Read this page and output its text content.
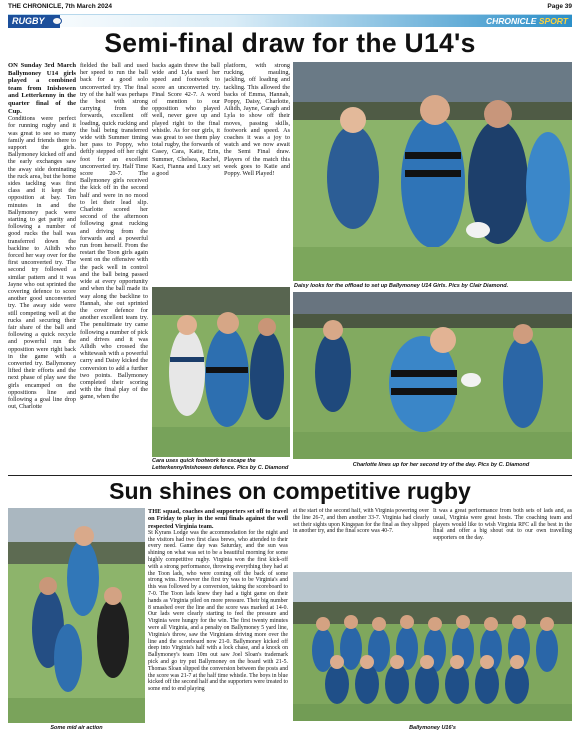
THE CHRONICLE, 7th March 2024	Page 39
RUGBY	CHRONICLE SPORT
Semi-final draw for the U14's

ON Sunday 3rd March Ballymoney U14 girls played a combined team from Inishowen and Letterkenny in the quarter final of the Cup.

Conditions were perfect for running rugby and it was great to see so many family and friends there to support the girls. Ballymoney kicked off and the early exchanges saw the away side dominating the ruck area, but the home sides tackling was first class and it kept the opposition at bay. Ten minutes in and the Ballymoney pack were starting to get parity and following a number of good rucks the ball was transferred down the backline to Ailidh who forced her way over for the first unconverted try. The second try followed a similar pattern and it was Jayne who out sprinted the covering defence to score another good unconverted try. The away side were still competing well at the rucks and securing their fair share of the ball and following a quick recycle and powerful run the opposition were right back in the game with a converted try. Ballymoney lifted their efforts and the next phase of play saw the girls encamped on the oppositions line and following a goal line drop out, Charlotte

fielded the ball and used her speed to run the ball back for a good solo unconverted try. The final try of the half was perhaps the best with strong carrying from the forwards, excellent off loading, quick rucking and the ball being transferred wide with Summer timing her pass to Poppy, who deftly stepped off her right foot for an excellent unconverted try. Half Time score 20-7. The Ballymoney girls received the kick off in the second half and were in no mood to let their lead slip. Charlotte scored her second of the afternoon following great rucking and driving from the forwards and a powerful run from herself. From the restart the Toon girls again went on the offensive with the pack well in control and the ball being passed wide at every opportunity and when the ball made its way along the backline to Hannah, she out sprinted the cover defence for another excellent team try. The penultimate try came following a number of pick and drives and it was Ailidh who crossed the whitewash with a powerful carry and Daisy kicked the conversion to add a further two points. Ballymoney completed their scoring with the final play of the game, when the

backs again threw the ball wide and Lyla used her speed and footwork to score an unconverted try. Final Score 42-7. A word of mention to our opposition who played well, never gave up and played right to the final whistle. As for our girls, it was great to see them play total rugby, the forwards of Casey, Cara, Katie, Erin, Summer, Chelsea, Rachel, Kaci, Fianna and Lucy set a good

platform, with strong rucking, mauling, jackling, off loading and tackling. This allowed the backs of Emma, Hannah, Poppy, Daisy, Charlotte, Ailidh, Jayne, Caragh and Lyla to show off their moves, passing skills, footwork and speed. As coaches it was a joy to watch and we now await the Semi Final draw. Players of the match this week goes to Katie and Poppy. Well Played!

Daisy looks for the offload to set up Ballymoney U14 Girls. Pics by Clair Diamond.
Cara uses quick footwork to escape the Letterkenny/Inishowen defence. Pics by C. Diamond	Charlotte lines up for her second try of the day. Pics by C. Diamond
Sun shines on competitive rugby
Some mid air action

THE squad, coaches and supporters set off to travel on Friday to play in the semi finals against the well respected Virginia team.

St Kyrans Lodge was the accommodation for the night and the visitors had two first class brews, who attended to their every need. Game day was Saturday, and the sun was shining on what was set to be a beautiful morning for some highly competitive rugby. Virginia won the first kick-off with a strong performance, throwing everything they had at the Toon lads, who were coming off the back of some strong wins. However the first try was to be Virginia's and this was followed by a conversion, taking the scoreboard to 7-0. The Toon lads knew they had a tight game on their hands as Virginia piled on more pressure. Their big number 8 smashed over the line and the score was marked at 14-0. Our lads were clearly starting to feel the pressure and Virginia were hungry for the win. The first twenty minutes were all Virginia, and a penalty on Ballymoney 5 yard line, Virginia's throw, saw the Virginians driving more over the line and the scoreboard now 21-0. Ballymoney kicked off deep into Virginia's half with a lock chase, and a knock on Ballymoney's team 10m out saw Joel Sloan's trademark pick and go try put Ballymoney on the board with 21-5. Thomas Sloan slipped the conversion between the posts and the score was 21-7 at the half time whistle. The boys in blue kicked off the second half and the supporters were treated to some end to end playing

at the start of the second half, with Virginia powering over the line 26-7, and then another 33-7. Virginia had clearly set their sights upon Kingspan for the final as they slipped in another try, and the final score was 40-7.

It was a great performance from both sets of lads and, as usual, Virginia were great hosts. The coaching team and players would like to wish Virginia RFC all the best in the final and offer a big shout out to our own travelling supporters on the day.

Ballymoney U16's
